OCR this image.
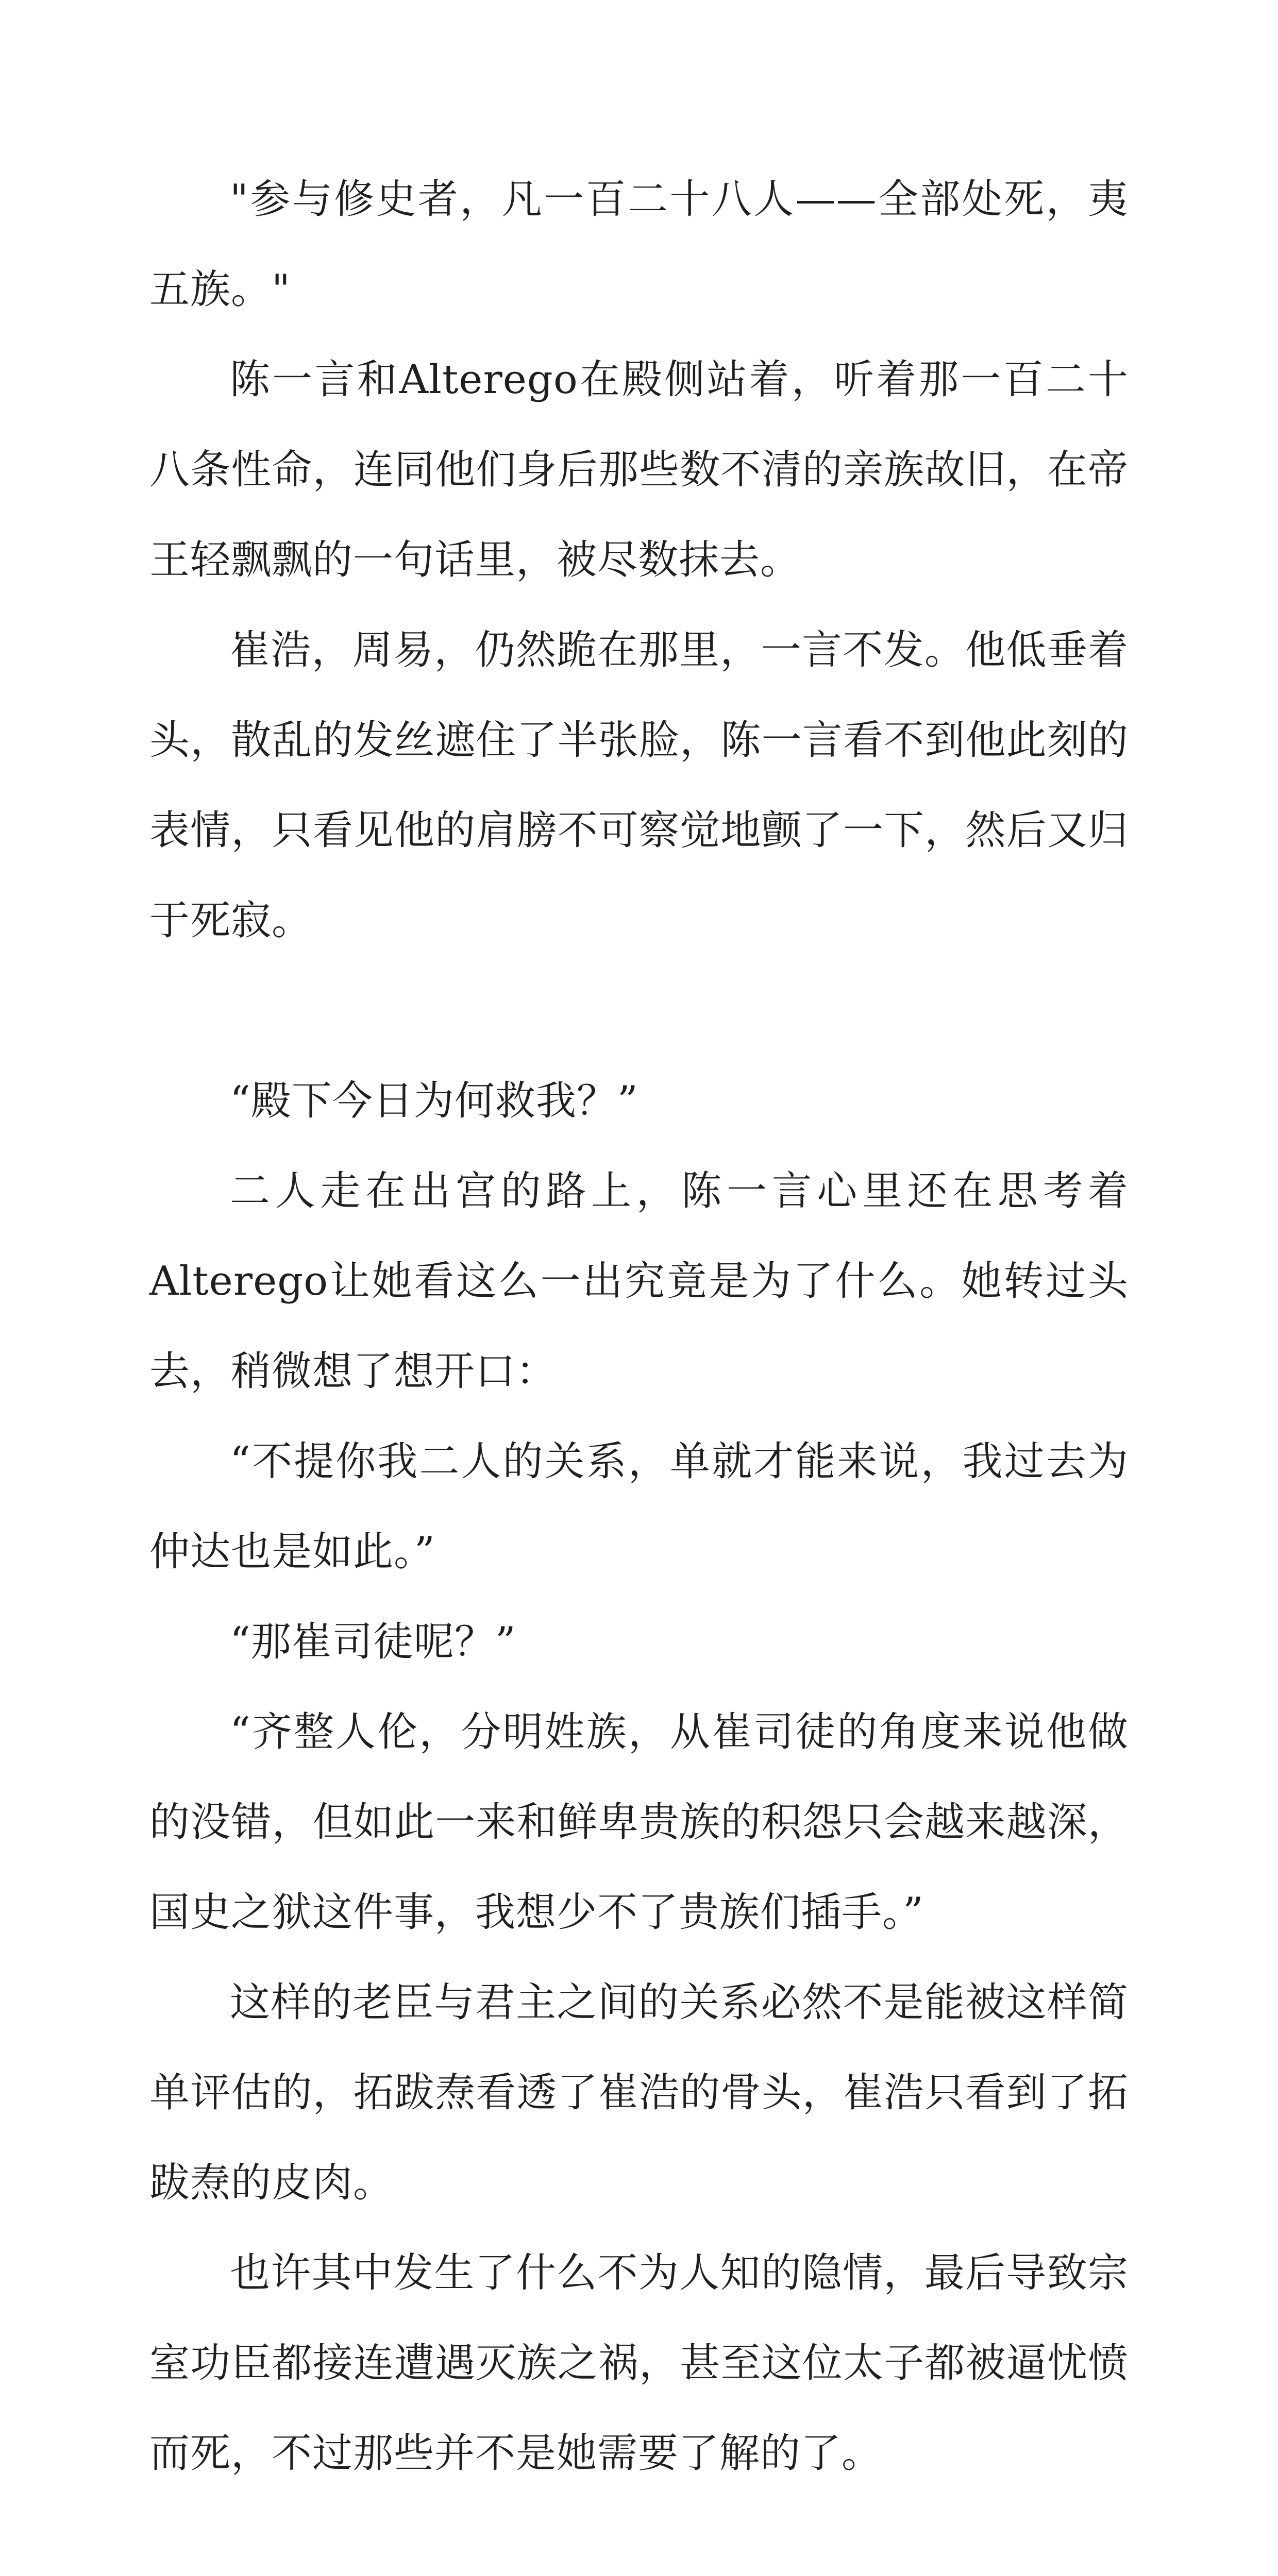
"参与修史者，凡一百二十八人——全部处死，夷五族。"

陈一言和Alterego在殿侧站着，听着那一百二十八条性命，连同他们身后那些数不清的亲族故旧，在帝王轻飘飘的一句话里，被尽数抹去。

崔浩，周易，仍然跪在那里，一言不发。他低垂着头，散乱的发丝遮住了半张脸，陈一言看不到他此刻的表情，只看见他的肩膀不可察觉地颤了一下，然后又归于死寂。

“殿下今日为何救我？”

二人走在出宫的路上，陈一言心里还在思考着Alterego让她看这么一出究竟是为了什么。她转过头去，稍微想了想开口：

“不提你我二人的关系，单就才能来说，我过去为仲达也是如此。”

“那崔司徒呢？”

“齐整人伦，分明姓族，从崔司徒的角度来说他做的没错，但如此一来和鲜卑贵族的积怨只会越来越深，国史之狱这件事，我想少不了贵族们插手。”

这样的老臣与君主之间的关系必然不是能被这样简单评估的，拓跋焘看透了崔浩的骨头，崔浩只看到了拓跋焘的皮肉。

也许其中发生了什么不为人知的隐情，最后导致宗室功臣都接连遭遇灭族之祸，甚至这位太子都被逼忧愤而死，不过那些并不是她需要了解的了。
